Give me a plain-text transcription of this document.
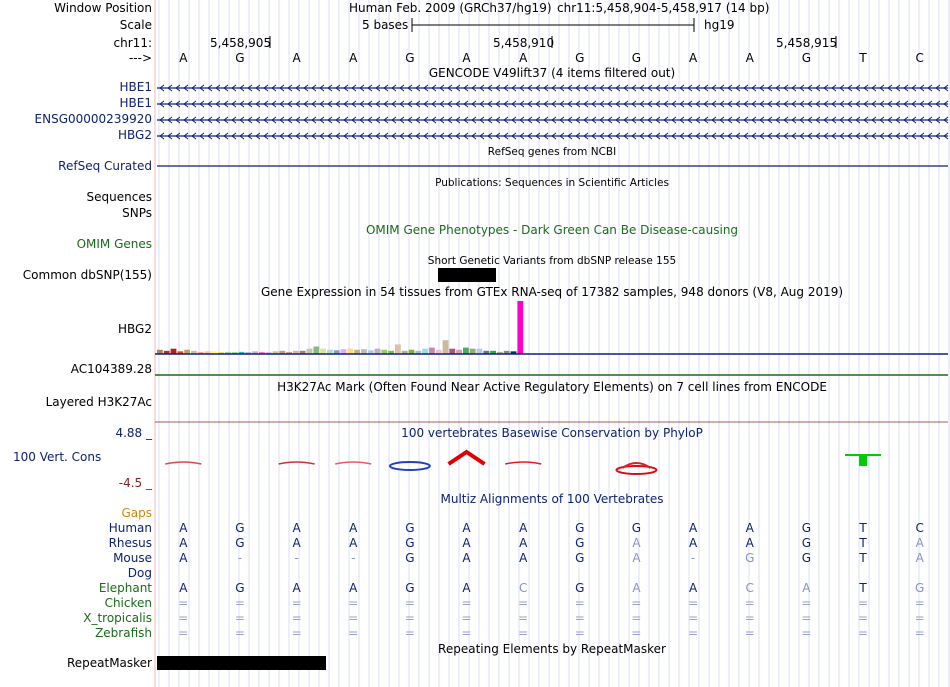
Window Position	Human Feb. 2009 (GRCh37/hg19) chr11:5,458,904-5,458,917 (14 bp)
Scale	5 bases	hg19
chr11:	5,458,905	5,458,910	5,458,915
---> A	G	A	A	G	A	A	G	G	A	A	G	T	C
GENCODE V49lift37 (4 items filtered out)
HBE1
HBE1
ENSG00000239920
HBG2
RefSeq genes from NCBI
RefSeq Curated
Publications: Sequences in Scientific Articles
Sequences
SNPs
OMIM Gene Phenotypes - Dark Green Can Be Disease-causing
OMIM Genes
Short Genetic Variants from dbSNP release 155
Common dbSNP(155)
Gene Expression in 54 tissues from GTEx RNA-seq of 17382 samples, 948 donors (V8, Aug 2019)
HBG2
AC104389.28
H3K27Ac Mark (Often Found Near Active Regulatory Elements) on 7 cell lines from ENCODE
Layered H3K27Ac
100 vertebrates Basewise Conservation by PhyloP
4.88 _
100 Vert. Cons
-4.5 _
Multiz Alignments of 100 Vertebrates
Gaps
Human A	G	A	A	G	A	A	G	G	A	A	G	T	C
Rhesus A	G	A	A	G	A	A	G	A	A	A	G	T	A
Mouse A	-	-	-	G	A	A	G	A	-	G	G	T	A
Dog
Elephant A	G	A	A	G	A	C	G	A	A	C	A	T	G
Chicken =	=	=	=	=	=	=	=	=	=	=	=	=	=
X_tropicalis =	=	=	=	=	=	=	=	=	=	=	=	=	=
Zebrafish =	=	=	=	=	=	=	=	=	=	=	=	=	=
Repeating Elements by RepeatMasker
RepeatMasker
